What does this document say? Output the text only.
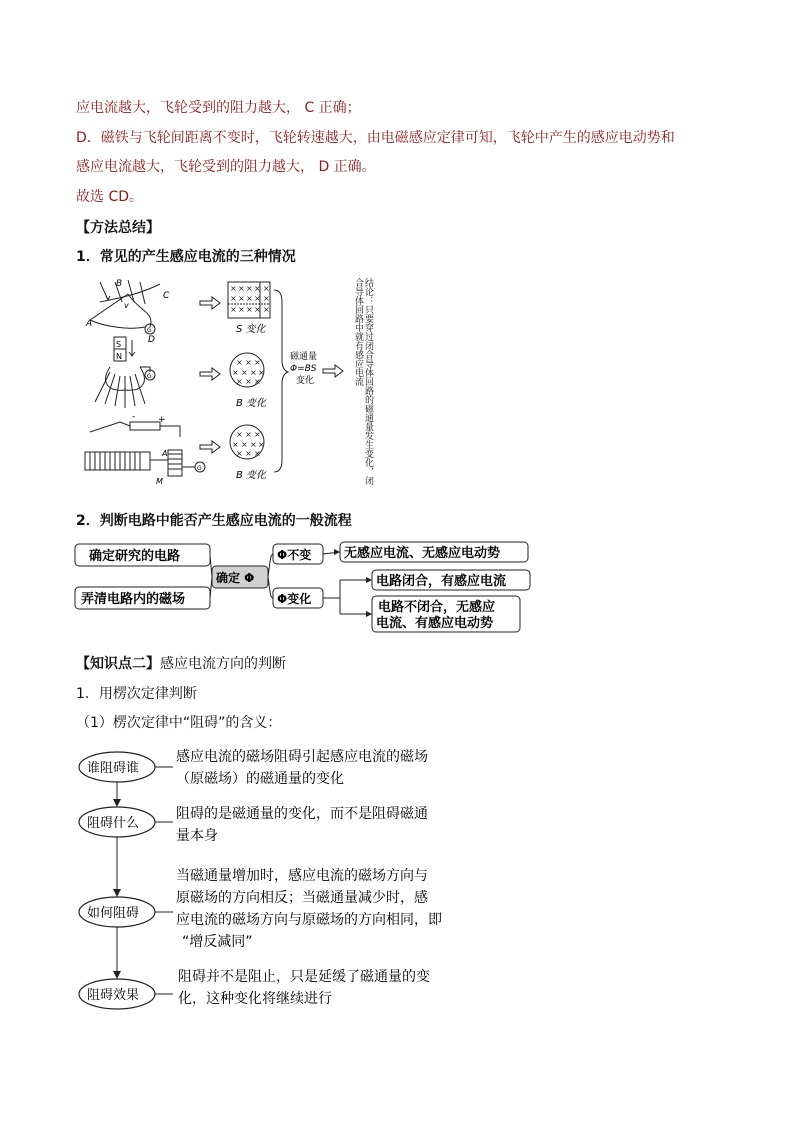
应电流越大，飞轮受到的阻力越大， C 正确；
D．磁铁与飞轮间距离不变时，飞轮转速越大，由电磁感应定律可知，飞轮中产生的感应电动势和
感应电流越大，飞轮受到的阻力越大， D 正确。
故选 CD。
【方法总结】
1．常见的产生感应电流的三种情况
B
v
A
C
D
G
S
N
G
+
-
A
M
G
× × × × ×
× × × × ×
× × × × ×
S 变化
× × ×
× × × ×
× × ×
B 变化
× × ×
× × × ×
× × ×
B 变化
磁通量
Φ=BS
变化	结论：只要穿过闭合导体回路的磁通量发生变化，闭合导体回路中就有感应电流
2．判断电路中能否产生感应电流的一般流程
确定研究的电路
弄清电路内的磁场
确定 Φ
Φ不变
Φ变化
无感应电流、无感应电动势
电路闭合，有感应电流
电路不闭合，无感应
电流、有感应电动势
【知识点二】感应电流方向的判断
1．用楞次定律判断
（1）楞次定律中“阻碍”的含义：
谁阻碍谁
阻碍什么
如何阻碍
阻碍效果
感应电流的磁场阻碍引起感应电流的磁场
（原磁场）的磁通量的变化
阻碍的是磁通量的变化，而不是阻碍磁通
量本身
当磁通量增加时，感应电流的磁场方向与
原磁场的方向相反；当磁通量减少时，感
应电流的磁场方向与原磁场的方向相同，即
“增反减同”
阻碍并不是阻止，只是延缓了磁通量的变
化，这种变化将继续进行
